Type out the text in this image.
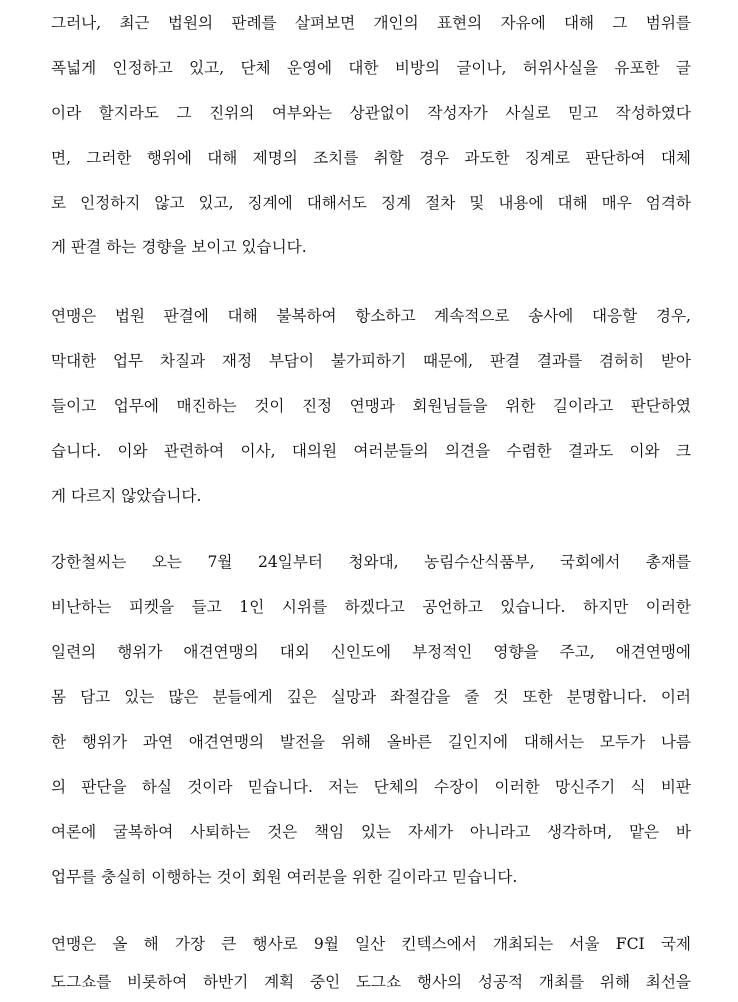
그러나, 최근 법원의 판례를 살펴보면 개인의 표현의 자유에 대해 그 범위를

폭넓게 인정하고 있고, 단체 운영에 대한 비방의 글이나, 허위사실을 유포한 글

이라 할지라도 그 진위의 여부와는 상관없이 작성자가 사실로 믿고 작성하였다

면, 그러한 행위에 대해 제명의 조치를 취할 경우 과도한 징계로 판단하여 대체

로 인정하지 않고 있고, 징계에 대해서도 징계 절차 및 내용에 대해 매우 엄격하

게 판결 하는 경향을 보이고 있습니다.

연맹은 법원 판결에 대해 불복하여 항소하고 계속적으로 송사에 대응할 경우,

막대한 업무 차질과 재정 부담이 불가피하기 때문에, 판결 결과를 겸허히 받아

들이고 업무에 매진하는 것이 진정 연맹과 회원님들을 위한 길이라고 판단하였

습니다. 이와 관련하여 이사, 대의원 여러분들의 의견을 수렴한 결과도 이와 크

게 다르지 않았습니다.

강한철씨는 오는 7월 24일부터 청와대, 농림수산식품부, 국회에서 총재를

비난하는 피켓을 들고 1인 시위를 하겠다고 공언하고 있습니다. 하지만 이러한

일련의 행위가 애견연맹의 대외 신인도에 부정적인 영향을 주고, 애견연맹에

몸 담고 있는 많은 분들에게 깊은 실망과 좌절감을 줄 것 또한 분명합니다. 이러

한 행위가 과연 애견연맹의 발전을 위해 올바른 길인지에 대해서는 모두가 나름

의 판단을 하실 것이라 믿습니다. 저는 단체의 수장이 이러한 망신주기 식 비판

여론에 굴복하여 사퇴하는 것은 책임 있는 자세가 아니라고 생각하며, 맡은 바

업무를 충실히 이행하는 것이 회원 여러분을 위한 길이라고 믿습니다.

연맹은 올 해 가장 큰 행사로 9월 일산 킨텍스에서 개최되는 서울 FCI 국제

도그쇼를 비롯하여 하반기 계획 중인 도그쇼 행사의 성공적 개최를 위해 최선을
